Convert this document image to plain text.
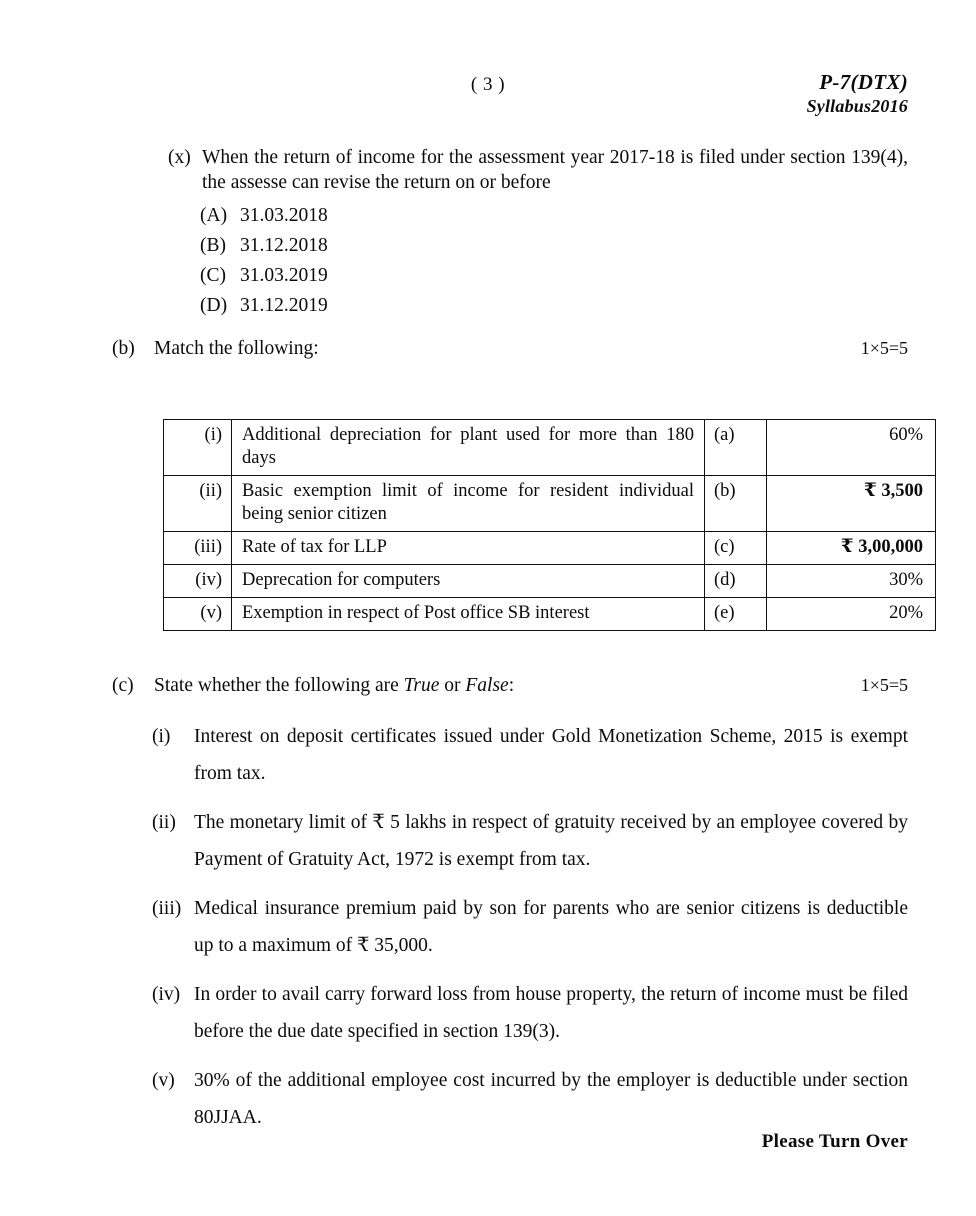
( 3 )	P-7(DTX)
Syllabus2016
(x) When the return of income for the assessment year 2017-18 is filed under section 139(4), the assesse can revise the return on or before
(A) 31.03.2018
(B) 31.12.2018
(C) 31.03.2019
(D) 31.12.2019
(b) Match the following:	1×5=5
(i)	Additional depreciation for plant used for more than 180 days	(a)	60%
(ii)	Basic exemption limit of income for resident individual being senior citizen	(b)	₹ 3,500
(iii)	Rate of tax for LLP	(c)	₹ 3,00,000
(iv)	Deprecation for computers	(d)	30%
(v)	Exemption in respect of Post office SB interest	(e)	20%
(c) State whether the following are True or False:	1×5=5
(i)	Interest on deposit certificates issued under Gold Monetization Scheme, 2015 is exempt from tax.
(ii) The monetary limit of ₹ 5 lakhs in respect of gratuity received by an employee covered by Payment of Gratuity Act, 1972 is exempt from tax.
(iii) Medical insurance premium paid by son for parents who are senior citizens is deductible up to a maximum of ₹ 35,000.
(iv) In order to avail carry forward loss from house property, the return of income must be filed before the due date specified in section 139(3).
(v) 30% of the additional employee cost incurred by the employer is deductible under section 80JJAA.
Please Turn Over
